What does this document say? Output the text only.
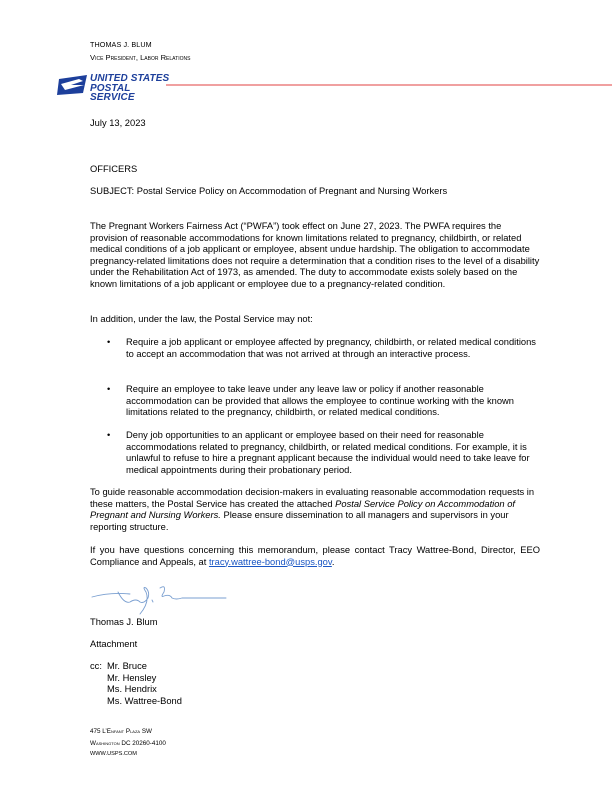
THOMAS J. BLUM
Vice President, Labor Relations
UNITED STATES
POSTAL SERVICE
July 13, 2023
OFFICERS
SUBJECT: Postal Service Policy on Accommodation of Pregnant and Nursing Workers
The Pregnant Workers Fairness Act (“PWFA”) took effect on June 27, 2023. The PWFA requires the provision of reasonable accommodations for known limitations related to pregnancy, childbirth, or related medical conditions of a job applicant or employee, absent undue hardship. The obligation to accommodate pregnancy-related limitations does not require a determination that a condition rises to the level of a disability under the Rehabilitation Act of 1973, as amended. The duty to accommodate exists solely based on the known limitations of a job applicant or employee due to a pregnancy-related condition.
In addition, under the law, the Postal Service may not:
• Require a job applicant or employee affected by pregnancy, childbirth, or related medical conditions to accept an accommodation that was not arrived at through an interactive process.
• Require an employee to take leave under any leave law or policy if another reasonable accommodation can be provided that allows the employee to continue working with the known limitations related to the pregnancy, childbirth, or related medical conditions.
• Deny job opportunities to an applicant or employee based on their need for reasonable accommodations related to pregnancy, childbirth, or related medical conditions. For example, it is unlawful to refuse to hire a pregnant applicant because the individual would need to take leave for medical appointments during their probationary period.
To guide reasonable accommodation decision-makers in evaluating reasonable accommodation requests in these matters, the Postal Service has created the attached Postal Service Policy on Accommodation of Pregnant and Nursing Workers. Please ensure dissemination to all managers and supervisors in your reporting structure.
If you have questions concerning this memorandum, please contact Tracy Wattree-Bond, Director, EEO Compliance and Appeals, at tracy.wattree-bond@usps.gov.
Thomas J. Blum
Attachment
cc: Mr. Bruce
Mr. Hensley
Ms. Hendrix
Ms. Wattree-Bond
475 L’Enfant Plaza SW
Washington DC 20260-4100
WWW.USPS.COM
